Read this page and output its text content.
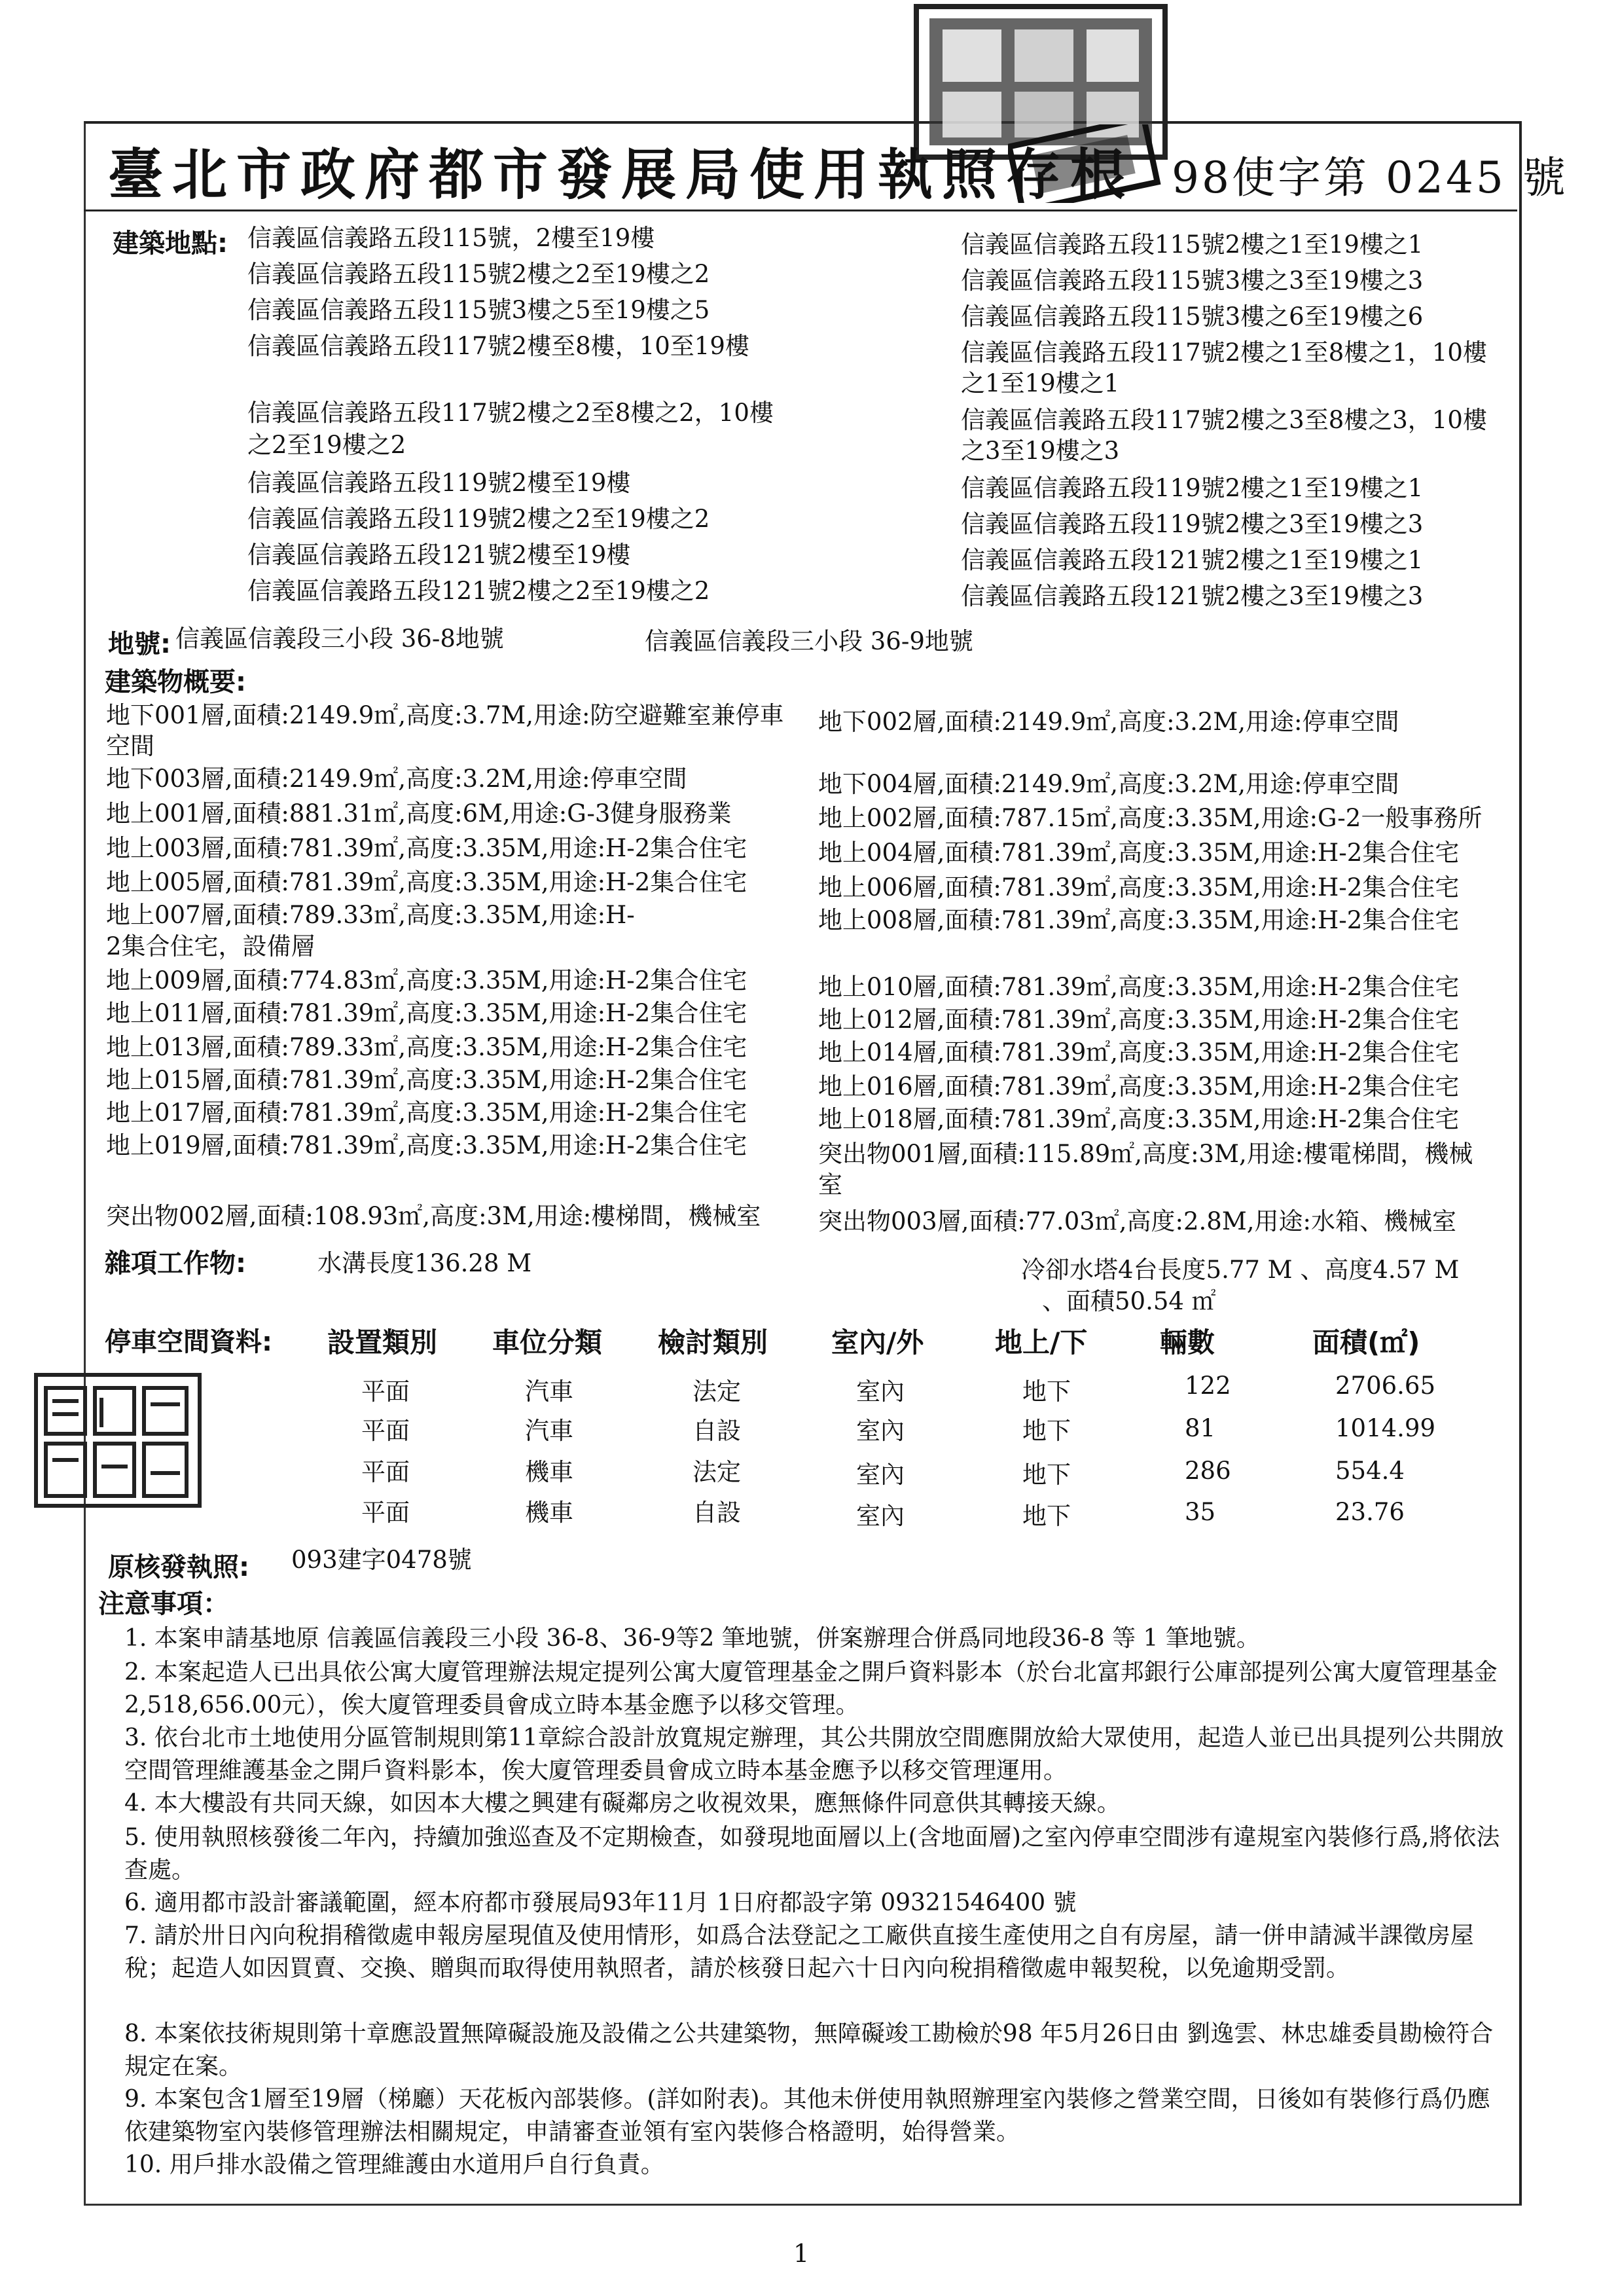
臺北市政府都市發展局使用執照存根 98使字第 0245 號
建築地點: 信義區信義路五段115號，2樓至19樓
信義區信義路五段115號2樓之2至19樓之2
信義區信義路五段115號3樓之5至19樓之5
信義區信義路五段117號2樓至8樓，10至19樓
信義區信義路五段117號2樓之2至8樓之2，10樓
之2至19樓之2
信義區信義路五段119號2樓至19樓
信義區信義路五段119號2樓之2至19樓之2
信義區信義路五段121號2樓至19樓
信義區信義路五段121號2樓之2至19樓之2
信義區信義路五段115號2樓之1至19樓之1
信義區信義路五段115號3樓之3至19樓之3
信義區信義路五段115號3樓之6至19樓之6
信義區信義路五段117號2樓之1至8樓之1，10樓
之1至19樓之1
信義區信義路五段117號2樓之3至8樓之3，10樓
之3至19樓之3
信義區信義路五段119號2樓之1至19樓之1
信義區信義路五段119號2樓之3至19樓之3
信義區信義路五段121號2樓之1至19樓之1
信義區信義路五段121號2樓之3至19樓之3
地號: 信義區信義段三小段 36-8地號	信義區信義段三小段 36-9地號
建築物概要:
地下001層,面積:2149.9㎡,高度:3.7M,用途:防空避難室兼停車
空間
地下003層,面積:2149.9㎡,高度:3.2M,用途:停車空間
地上001層,面積:881.31㎡,高度:6M,用途:G-3健身服務業
地上003層,面積:781.39㎡,高度:3.35M,用途:H-2集合住宅
地上005層,面積:781.39㎡,高度:3.35M,用途:H-2集合住宅
地上007層,面積:789.33㎡,高度:3.35M,用途:H-
2集合住宅，設備層
地上009層,面積:774.83㎡,高度:3.35M,用途:H-2集合住宅
地上011層,面積:781.39㎡,高度:3.35M,用途:H-2集合住宅
地上013層,面積:789.33㎡,高度:3.35M,用途:H-2集合住宅
地上015層,面積:781.39㎡,高度:3.35M,用途:H-2集合住宅
地上017層,面積:781.39㎡,高度:3.35M,用途:H-2集合住宅
地上019層,面積:781.39㎡,高度:3.35M,用途:H-2集合住宅
突出物002層,面積:108.93㎡,高度:3M,用途:樓梯間，機械室
地下002層,面積:2149.9㎡,高度:3.2M,用途:停車空間
地下004層,面積:2149.9㎡,高度:3.2M,用途:停車空間
地上002層,面積:787.15㎡,高度:3.35M,用途:G-2一般事務所
地上004層,面積:781.39㎡,高度:3.35M,用途:H-2集合住宅
地上006層,面積:781.39㎡,高度:3.35M,用途:H-2集合住宅
地上008層,面積:781.39㎡,高度:3.35M,用途:H-2集合住宅
地上010層,面積:781.39㎡,高度:3.35M,用途:H-2集合住宅
地上012層,面積:781.39㎡,高度:3.35M,用途:H-2集合住宅
地上014層,面積:781.39㎡,高度:3.35M,用途:H-2集合住宅
地上016層,面積:781.39㎡,高度:3.35M,用途:H-2集合住宅
地上018層,面積:781.39㎡,高度:3.35M,用途:H-2集合住宅
突出物001層,面積:115.89㎡,高度:3M,用途:樓電梯間，機械
室
突出物003層,面積:77.03㎡,高度:2.8M,用途:水箱、機械室
雜項工作物:	水溝長度136.28 M	冷卻水塔4台長度5.77 M 、高度4.57 M
、面積50.54 ㎡
停車空間資料: 設置類別 車位分類 檢討類別 室內/外	地上/下	輛數	面積(㎡)
平面	汽車	法定	室內	地下	122	2706.65
平面	汽車	自設	室內	地下	81	1014.99
平面	機車	法定	室內	地下	286	554.4
平面	機車	自設	室內	地下	35	23.76
原核發執照: 093建字0478號
注意事項：
1. 本案申請基地原 信義區信義段三小段 36-8、36-9等2 筆地號，併案辦理合併爲同地段36-8 等 1 筆地號。
2. 本案起造人已出具依公寓大廈管理辦法規定提列公寓大廈管理基金之開戶資料影本（於台北富邦銀行公庫部提列公寓大廈管理基金2,518,656.00元），俟大廈管理委員會成立時本基金應予以移交管理。
3. 依台北市土地使用分區管制規則第11章綜合設計放寬規定辦理，其公共開放空間應開放給大眾使用，起造人並已出具提列公共開放空間管理維護基金之開戶資料影本，俟大廈管理委員會成立時本基金應予以移交管理運用。
4. 本大樓設有共同天線，如因本大樓之興建有礙鄰房之收視效果，應無條件同意供其轉接天線。
5. 使用執照核發後二年內，持續加強巡查及不定期檢查，如發現地面層以上(含地面層)之室內停車空間涉有違規室內裝修行爲,將依法查處。
6. 適用都市設計審議範圍，經本府都市發展局93年11月 1日府都設字第 09321546400 號
7. 請於卅日內向稅捐稽徵處申報房屋現值及使用情形，如爲合法登記之工廠供直接生產使用之自有房屋，請一併申請減半課徵房屋稅；起造人如因買賣、交換、贈與而取得使用執照者，請於核發日起六十日內向稅捐稽徵處申報契稅，以免逾期受罰。
8. 本案依技術規則第十章應設置無障礙設施及設備之公共建築物，無障礙竣工勘檢於98 年5月26日由 劉逸雲、林忠雄委員勘檢符合規定在案。
9. 本案包含1層至19層（梯廳）天花板內部裝修。(詳如附表)。其他未併使用執照辦理室內裝修之營業空間，日後如有裝修行爲仍應依建築物室內裝修管理辦法相關規定，申請審查並領有室內裝修合格證明，始得營業。
10. 用戶排水設備之管理維護由水道用戶自行負責。
1
